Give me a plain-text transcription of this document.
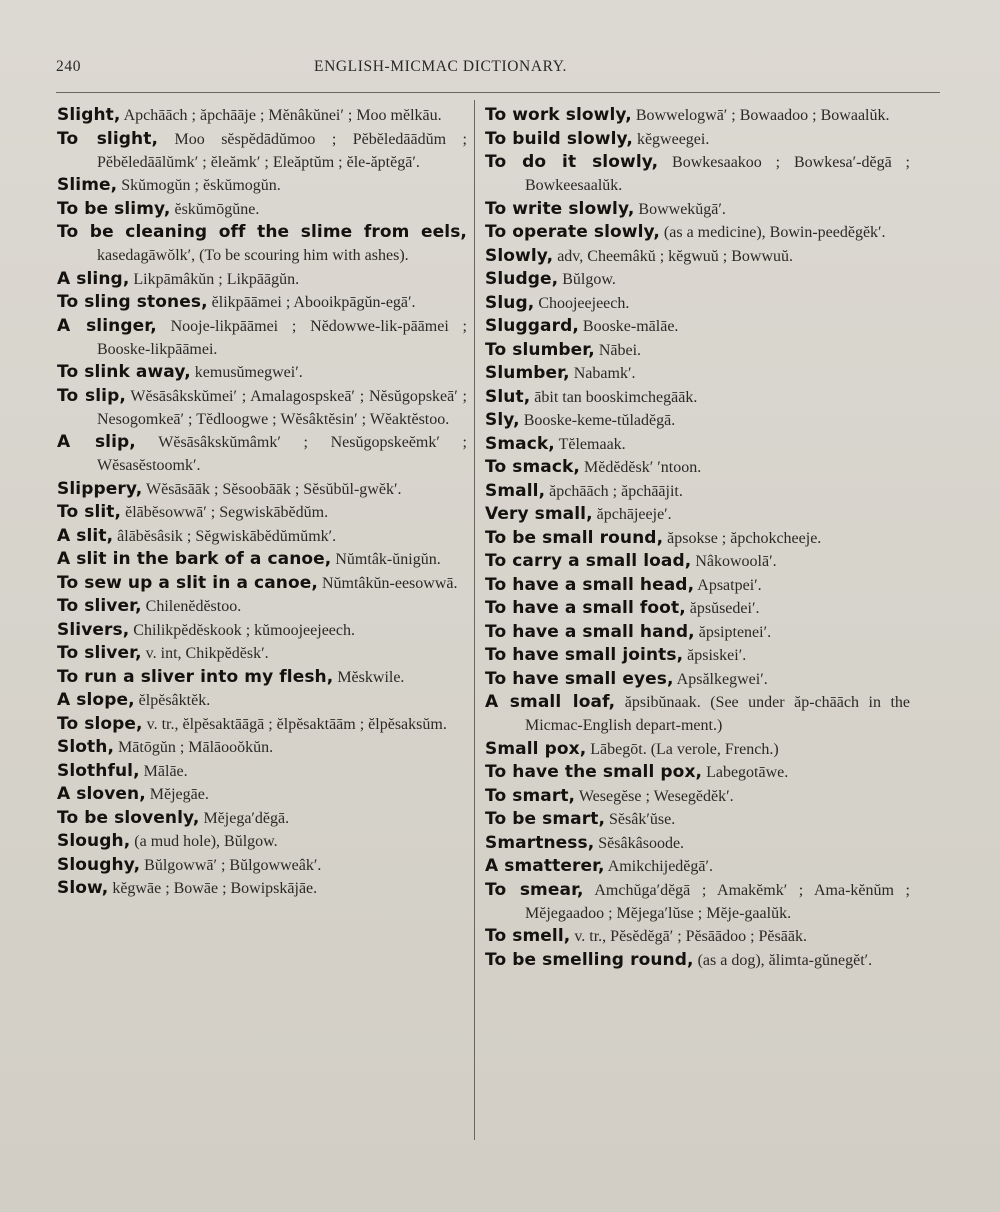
240	ENGLISH-MICMAC DICTIONARY.

Slight, Apchāāch ; ăpchāāje ; Mĕnâkŭnei′ ; Moo mĕlkāu.

To slight, Moo sĕspĕdādŭmoo ; Pĕbĕledāādŭm ; Pĕbĕledāālŭmk′ ; ĕleămk′ ; Eleăptŭm ; ĕle-ăptĕgā′.

Slime, Skŭmogŭn ; ĕskŭmogŭn.

To be slimy, ĕskŭmōgŭne.

To be cleaning off the slime from eels, kasedagāwŏlk′, (To be scouring him with ashes).

A sling, Likpāmâkŭn ; Likpāāgŭn.

To sling stones, ĕlikpāāmei ; Abooikpāgŭn-egā′.

A slinger, Nooje-likpāāmei ; Nĕdowwe-lik-pāāmei ; Booske-likpāāmei.

To slink away, kemusŭmegwei′.

To slip, Wĕsāsâkskŭmei′ ; Amalagospskeā′ ; Nĕsŭgopskeā′ ; Nesogomkeā′ ; Tĕdloogwe ; Wĕsâktĕsin′ ; Wĕaktĕstoo.

A slip, Wĕsāsâkskŭmâmk′ ; Nesŭgopskeĕmk′ ; Wĕsasĕstoomk′.

Slippery, Wĕsāsāāk ; Sĕsoobāāk ; Sĕsŭbŭl-gwĕk′.

To slit, ĕlābĕsowwā′ ; Segwiskābĕdŭm.

A slit, âlābĕsâsik ; Sĕgwiskābĕdŭmŭmk′.

A slit in the bark of a canoe, Nŭmtâk-ŭnigŭn.

To sew up a slit in a canoe, Nŭmtâkŭn-eesowwā.

To sliver, Chilenĕdĕstoo.

Slivers, Chilikpĕdĕskook ; kŭmoojeejeech.

To sliver, v. int, Chikpĕdĕsk′.

To run a sliver into my flesh, Mĕskwile.

A slope, ĕlpĕsâktĕk.

To slope, v. tr., ĕlpĕsaktāāgā ; ĕlpĕsaktāām ; ĕlpĕsaksŭm.

Sloth, Mātōgŭn ; Mālāooŏkŭn.

Slothful, Mālāe.

A sloven, Mĕjegāe.

To be slovenly, Mĕjega′dĕgā.

Slough, (a mud hole), Bŭlgow.

Sloughy, Bŭlgowwā′ ; Bŭlgowweâk′.

Slow, kĕgwāe ; Bowāe ; Bowipskājāe.

To work slowly, Bowwelogwā′ ; Bowaadoo ; Bowaalŭk.

To build slowly, kĕgweegei.

To do it slowly, Bowkesaakoo ; Bowkesa′-dĕgā ; Bowkeesaalŭk.

To write slowly, Bowwekŭgā′.

To operate slowly, (as a medicine), Bowin-peedĕgĕk′.

Slowly, adv, Cheemâkŭ ; kĕgwuŭ ; Bowwuŭ.

Sludge, Bŭlgow.

Slug, Choojeejeech.

Sluggard, Booske-mālāe.

To slumber, Nābei.

Slumber, Nabamk′.

Slut, ābit tan booskimchegāāk.

Sly, Booske-keme-tŭladĕgā.

Smack, Tĕlemaak.

To smack, Mĕdĕdĕsk′ ′ntoon.

Small, ăpchāāch ; ăpchāājit.

Very small, ăpchājeeje′.

To be small round, ăpsokse ; ăpchokcheeje.

To carry a small load, Nâkowoolā′.

To have a small head, Apsatpei′.

To have a small foot, ăpsŭsedei′.

To have a small hand, ăpsiptenei′.

To have small joints, ăpsiskei′.

To have small eyes, Apsălkegwei′.

A small loaf, ăpsibŭnaak. (See under ăp-chāāch in the Micmac-English depart-ment.)

Small pox, Lābegōt. (La verole, French.)

To have the small pox, Labegotāwe.

To smart, Wesegĕse ; Wesegĕdĕk′.

To be smart, Sĕsâk′ŭse.

Smartness, Sĕsâkâsoode.

A smatterer, Amikchijedĕgā′.

To smear, Amchŭga′dĕgā ; Amakĕmk′ ; Ama-kĕnŭm ; Mĕjegaadoo ; Mĕjega′lŭse ; Mĕje-gaalŭk.

To smell, v. tr., Pĕsĕdĕgā′ ; Pĕsāādoo ; Pĕsāāk.

To be smelling round, (as a dog), ălimta-gŭnegĕt′.
